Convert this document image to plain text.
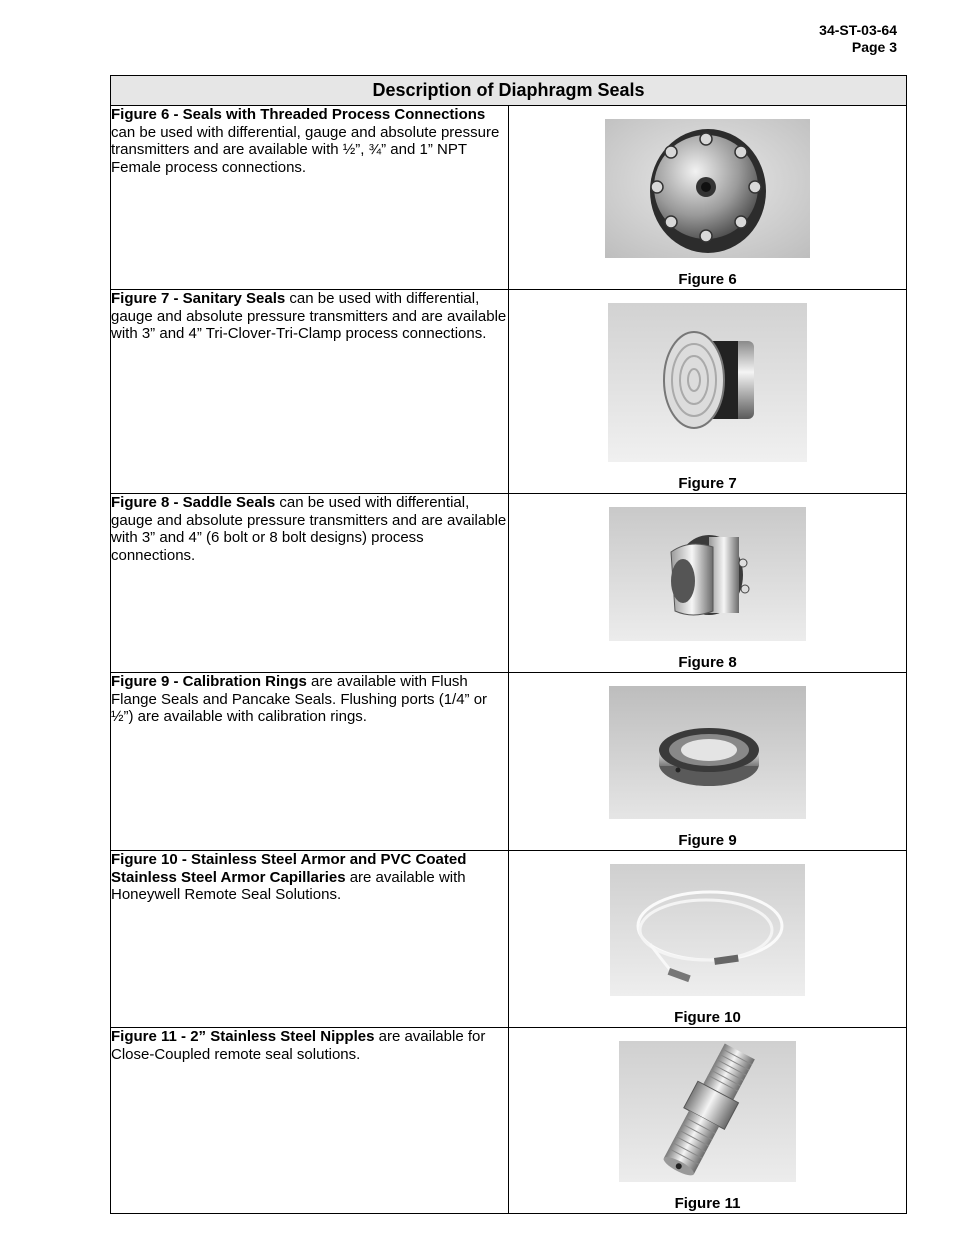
34-ST-03-64
Page 3
Description of Diaphragm Seals	
Figure 6 - Seals with Threaded Process Connections can be used with differential, gauge and absolute pressure transmitters and are available with ½”, ¾” and 1” NPT Female process connections.	Figure 6

Figure 7 - Sanitary Seals can be used with differential, gauge and absolute pressure transmitters and are available with 3” and 4” Tri-Clover-Tri-Clamp process connections.	Figure 7

Figure 8 - Saddle Seals can be used with differential, gauge and absolute pressure transmitters and are available with 3” and 4” (6 bolt or 8 bolt designs) process connections.	Figure 8

Figure 9 - Calibration Rings are available with Flush Flange Seals and Pancake Seals. Flushing ports (1/4” or ½”) are available with calibration rings.	Figure 9

Figure 10 - Stainless Steel Armor and PVC Coated Stainless Steel Armor Capillaries are available with Honeywell Remote Seal Solutions.	Figure 10

Figure 11 - 2” Stainless Steel Nipples are available for Close-Coupled remote seal solutions.	Figure 11
